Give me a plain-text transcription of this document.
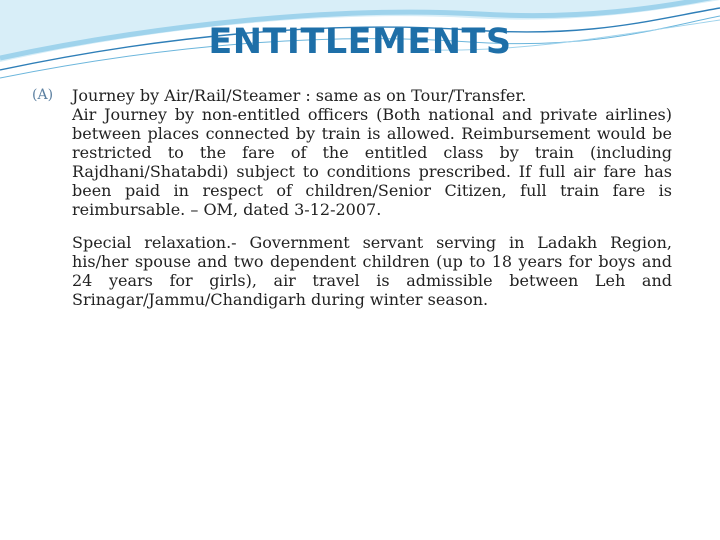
ENTITLEMENTS
(A)	Journey by Air/Rail/Steamer : same as on Tour/Transfer.
Air Journey by non-entitled officers (Both national and private airlines) between places connected by train is allowed. Reimbursement would be restricted to the fare of the entitled class by train (including Rajdhani/Shatabdi) subject to conditions prescribed. If full air fare has been paid in respect of children/Senior Citizen, full train fare is reimbursable. – OM, dated 3-12-2007.
Special relaxation.- Government servant serving in Ladakh Region, his/her spouse and two dependent children (up to 18 years for boys and 24 years for girls), air travel is admissible between Leh and Srinagar/Jammu/Chandigarh during winter season.
